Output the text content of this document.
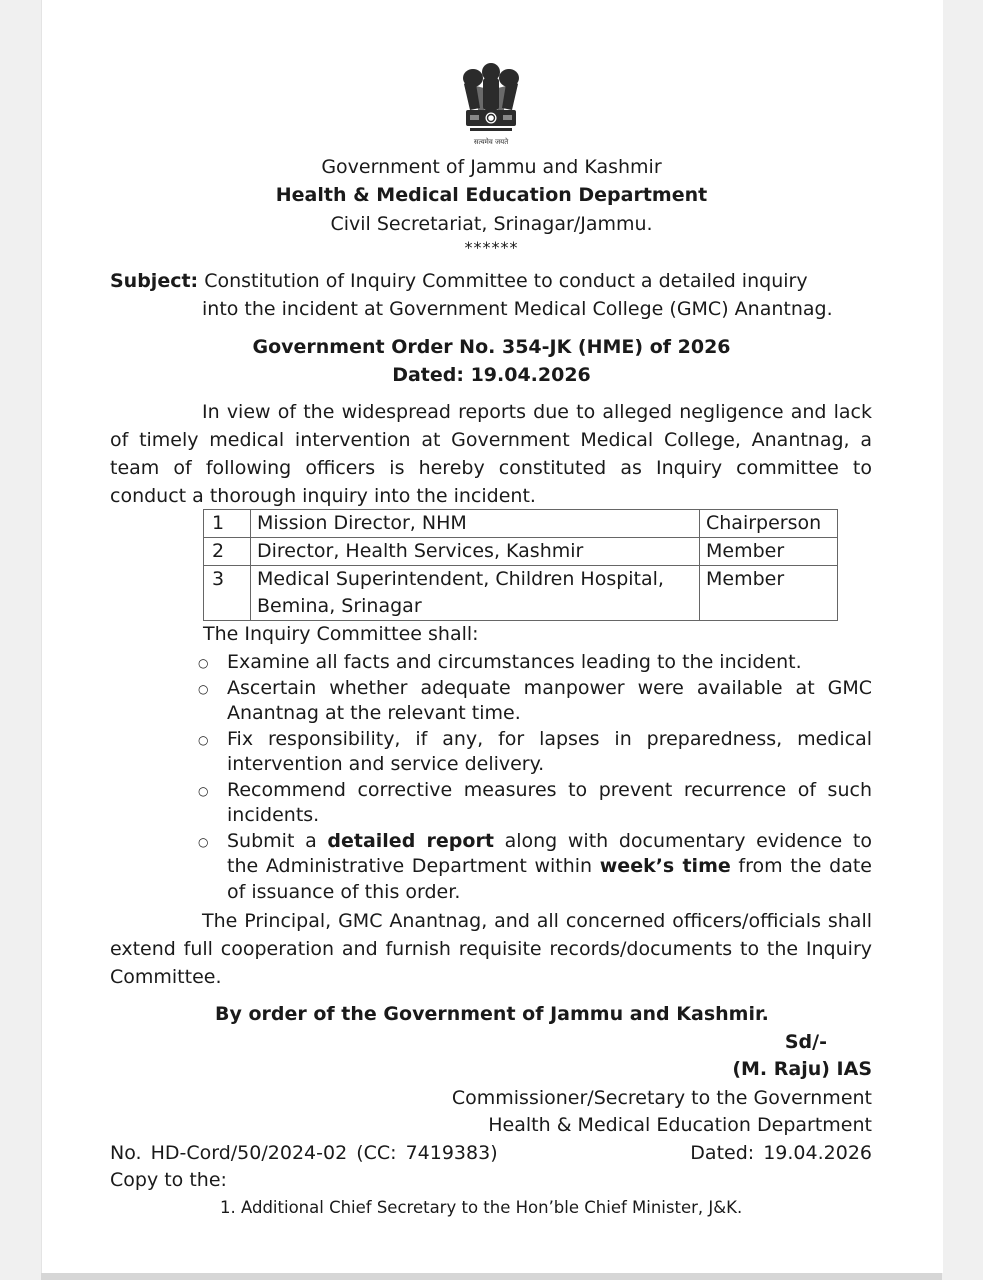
सत्यमेव जयते
Government of Jammu and Kashmir
Health & Medical Education Department
Civil Secretariat, Srinagar/Jammu.
******
Subject: Constitution of Inquiry Committee to conduct a detailed inquiry
into the incident at Government Medical College (GMC) Anantnag.
Government Order No. 354-JK (HME) of 2026
Dated: 19.04.2026
In view of the widespread reports due to alleged negligence and lack of timely medical intervention at Government Medical College, Anantnag, a team of following officers is hereby constituted as Inquiry committee to conduct a thorough inquiry into the incident.
1	Mission Director, NHM	Chairperson
2	Director, Health Services, Kashmir	Member
3	Medical Superintendent, Children Hospital, Bemina, Srinagar	Member
The Inquiry Committee shall:
○ Examine all facts and circumstances leading to the incident.
○ Ascertain whether adequate manpower were available at GMC Anantnag at the relevant time.
○ Fix responsibility, if any, for lapses in preparedness, medical intervention and service delivery.
○ Recommend corrective measures to prevent recurrence of such incidents.
○ Submit a detailed report along with documentary evidence to the Administrative Department within week’s time from the date of issuance of this order.
The Principal, GMC Anantnag, and all concerned officers/officials shall extend full cooperation and furnish requisite records/documents to the Inquiry Committee.
By order of the Government of Jammu and Kashmir.
Sd/-
(M. Raju) IAS
Commissioner/Secretary to the Government
Health & Medical Education Department
No. HD-Cord/50/2024-02 (CC: 7419383)	Dated: 19.04.2026
Copy to the:
1. Additional Chief Secretary to the Hon’ble Chief Minister, J&K.
